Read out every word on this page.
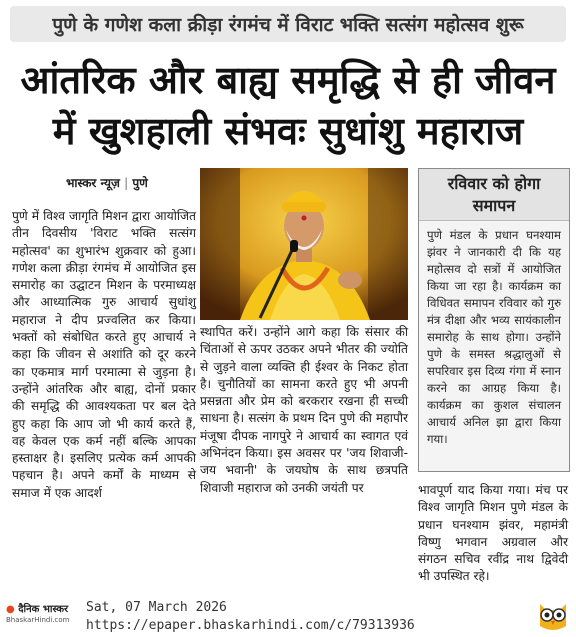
पुणे के गणेश कला क्रीड़ा रंगमंच में विराट भक्ति सत्संग महोत्सव शुरू
आंतरिक और बाह्य समृद्धि से ही जीवन
में खुशहाली संभवः सुधांशु महाराज
भास्कर न्यूज़ | पुणे
पुणे में विश्व जागृति मिशन द्वारा आयोजित तीन दिवसीय 'विराट भक्ति सत्संग महोत्सव' का शुभारंभ शुक्रवार को हुआ। गणेश कला क्रीड़ा रंगमंच में आयोजित इस समारोह का उद्घाटन मिशन के परमाध्यक्ष और आध्यात्मिक गुरु आचार्य सुधांशु महाराज ने दीप प्रज्वलित कर किया। भक्तों को संबोधित करते हुए आचार्य ने कहा कि जीवन से अशांति को दूर करने का एकमात्र मार्ग परमात्मा से जुड़ना है। उन्होंने आंतरिक और बाह्य, दोनों प्रकार की समृद्धि की आवश्यकता पर बल देते हुए कहा कि आप जो भी कार्य करते हैं, वह केवल एक कर्म नहीं बल्कि आपका हस्ताक्षर है। इसलिए प्रत्येक कर्म आपकी पहचान है। अपने कर्मों के माध्यम से समाज में एक आदर्श
स्थापित करें। उन्होंने आगे कहा कि संसार की चिंताओं से ऊपर उठकर अपने भीतर की ज्योति से जुड़ने वाला व्यक्ति ही ईश्वर के निकट होता है। चुनौतियों का सामना करते हुए भी अपनी प्रसन्नता और प्रेम को बरकरार रखना ही सच्ची साधना है। सत्संग के प्रथम दिन पुणे की महापौर मंजूषा दीपक नागपुरे ने आचार्य का स्वागत एवं अभिनंदन किया। इस अवसर पर 'जय शिवाजी-जय भवानी' के जयघोष के साथ छत्रपति शिवाजी महाराज को उनकी जयंती पर	भावपूर्ण याद किया गया। मंच पर विश्व जागृति मिशन पुणे मंडल के प्रधान घनश्याम झंवर, महामंत्री विष्णु भगवान अग्रवाल और संगठन सचिव रवींद्र नाथ द्विवेदी भी उपस्थित रहे।
रविवार को होगा
समापन
पुणे मंडल के प्रधान घनश्याम झंवर ने जानकारी दी कि यह महोत्सव दो सत्रों में आयोजित किया जा रहा है। कार्यक्रम का विधिवत समापन रविवार को गुरु मंत्र दीक्षा और भव्य सायंकालीन समारोह के साथ होगा। उन्होंने पुणे के समस्त श्रद्धालुओं से सपरिवार इस दिव्य गंगा में स्नान करने का आग्रह किया है। कार्यक्रम का कुशल संचालन आचार्य अनिल झा द्वारा किया गया।
● दैनिक भास्कर
BhaskarHindi.com
Sat, 07 March 2026
https://epaper.bhaskarhindi.com/c/79313936
